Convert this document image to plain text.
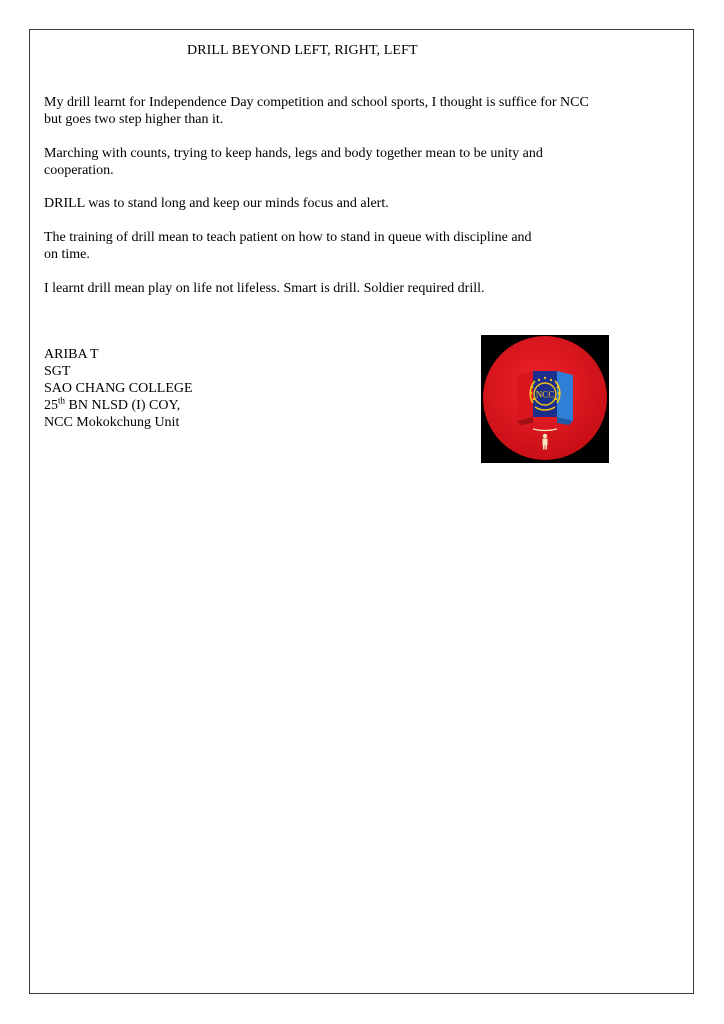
DRILL BEYOND LEFT, RIGHT, LEFT
My drill learnt for Independence Day competition and school sports, I thought is suffice for NCC
but goes two step higher than it.
Marching with counts, trying to keep hands, legs and body together mean to be unity and
cooperation.
DRILL was to stand long and keep our minds focus and alert.
The training of drill mean to teach patient on how to stand in queue with discipline and
on time.
I learnt drill mean play on life not lifeless. Smart is drill. Soldier required drill.
ARIBA T
SGT
SAO CHANG COLLEGE
25th BN NLSD (I) COY,
NCC Mokokchung Unit
NCC
